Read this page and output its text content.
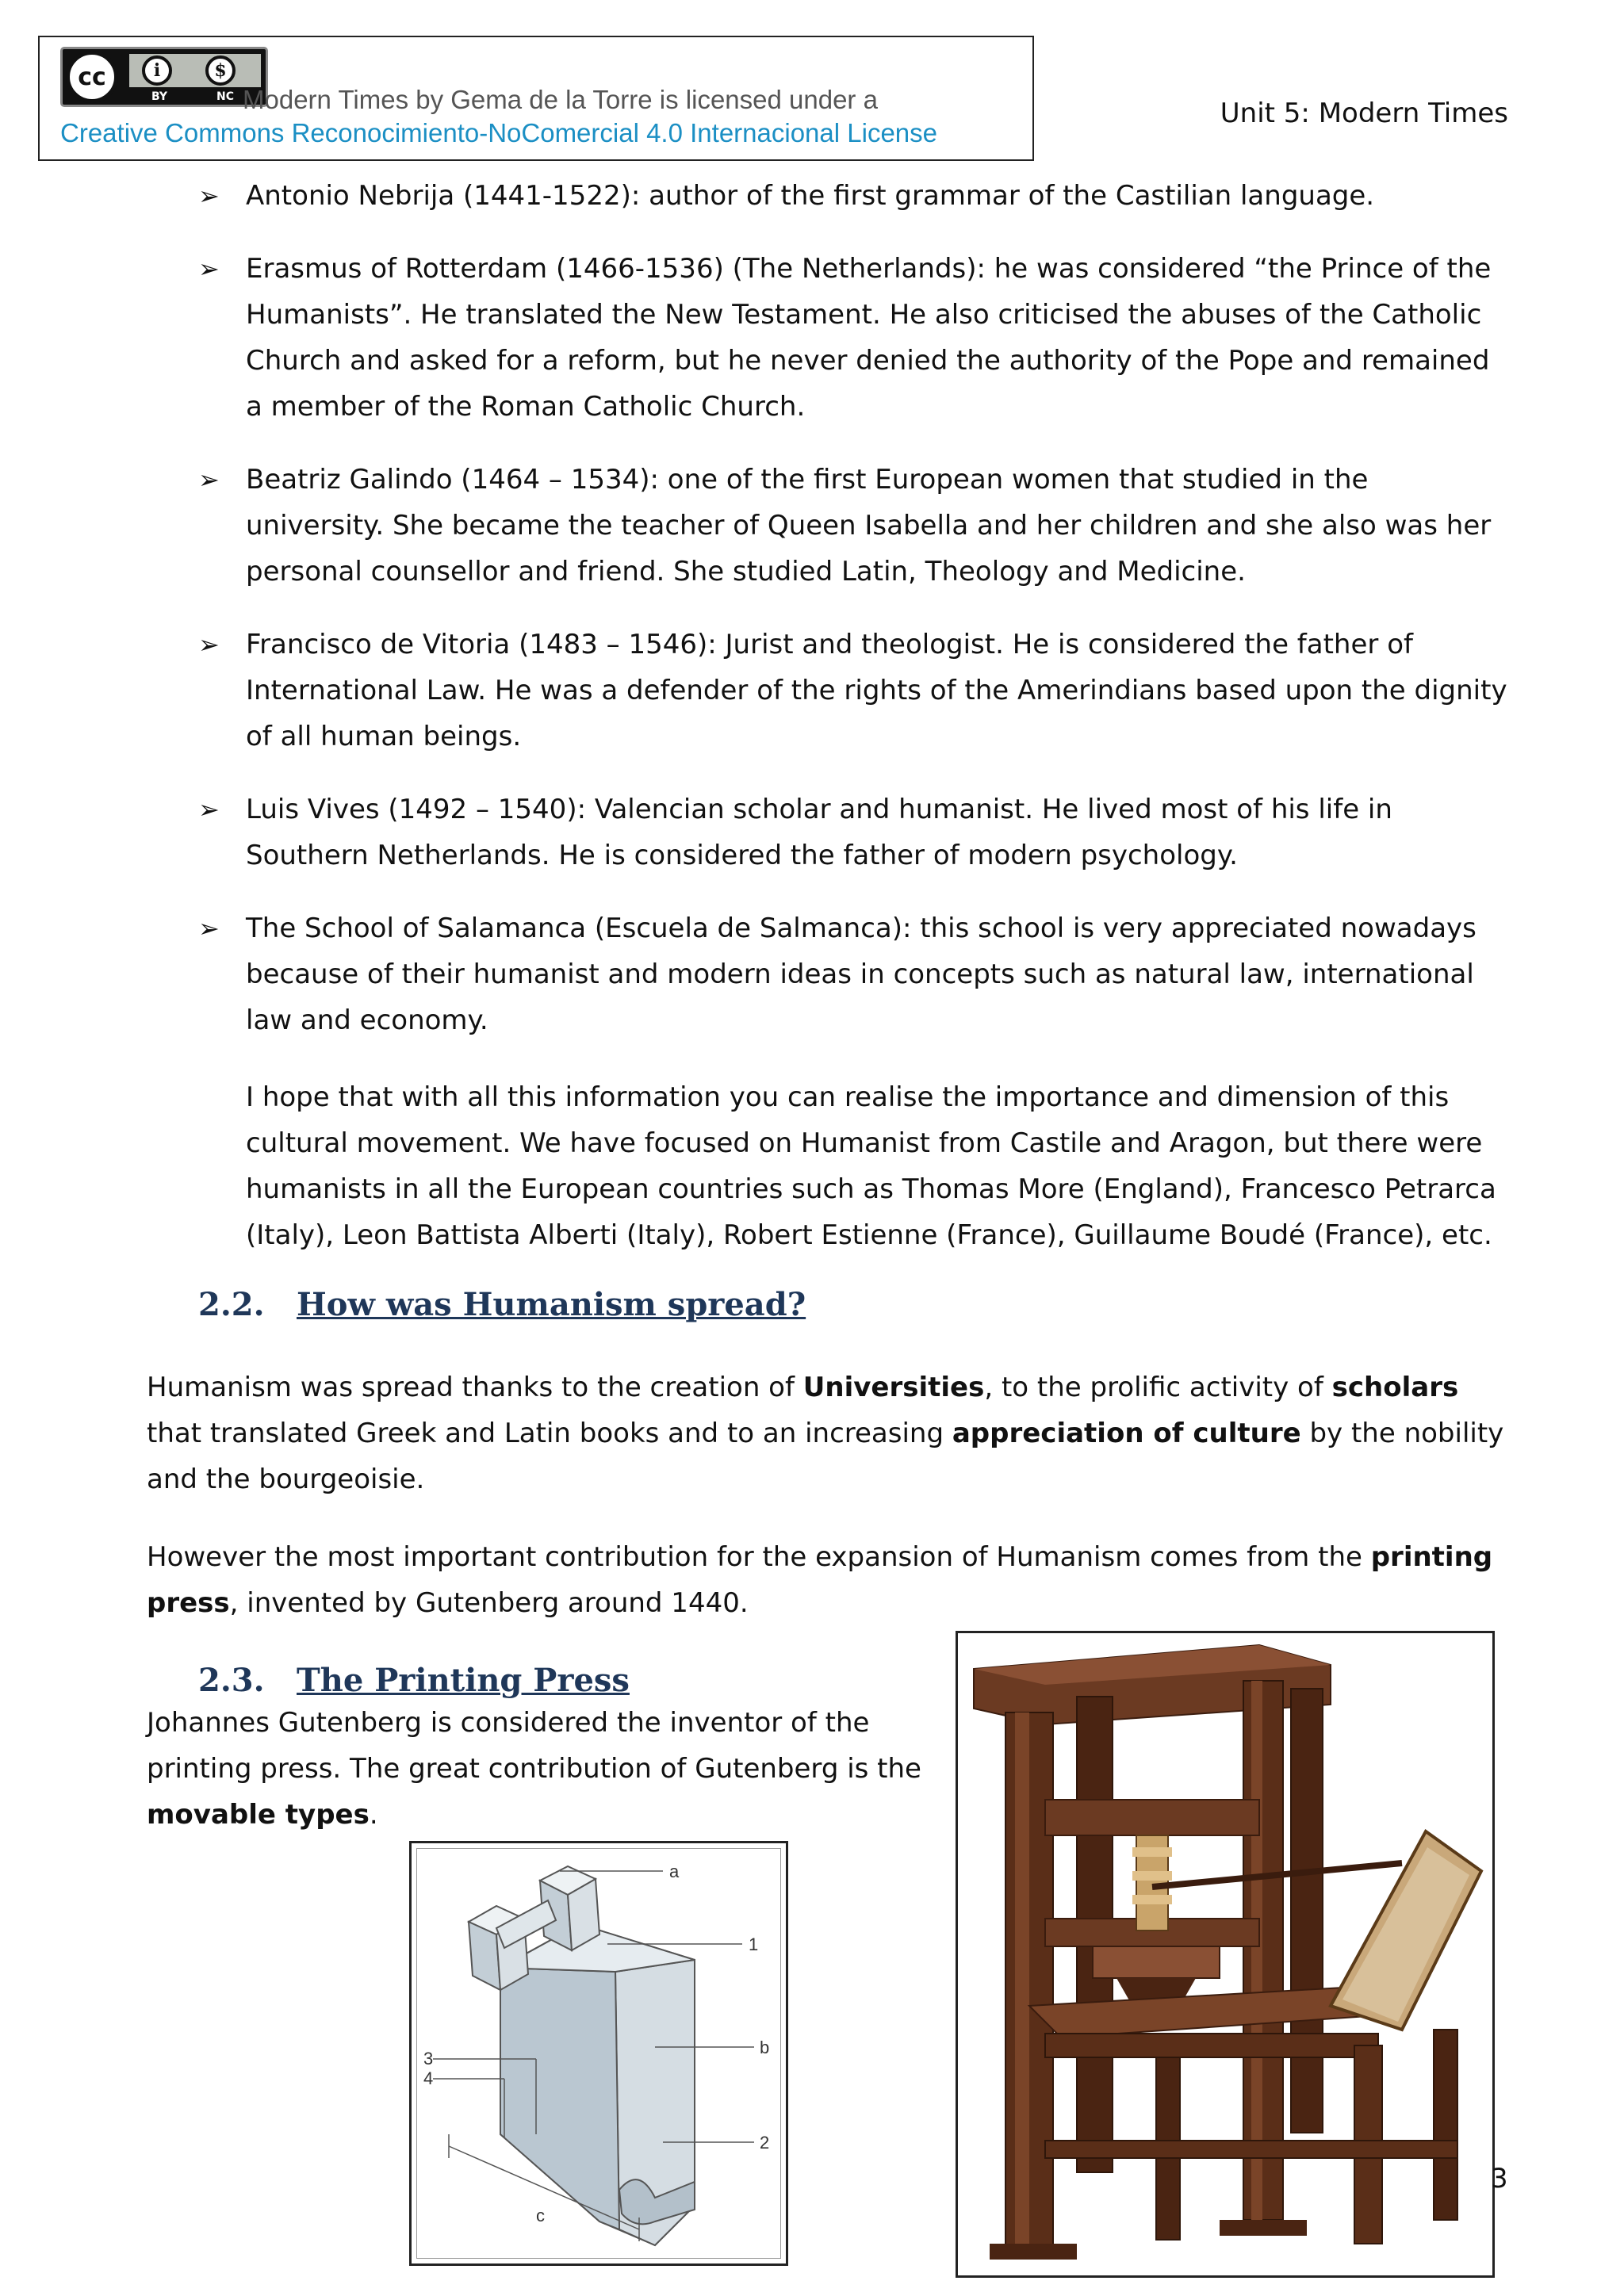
cc	i	$
BY	NC Modern Times by Gema de la Torre is licensed under a
Creative Commons Reconocimiento-NoComercial 4.0 Internacional License
Unit 5: Modern Times
➢ Antonio Nebrija (1441-1522): author of the first grammar of the Castilian language.
➢ Erasmus of Rotterdam (1466-1536) (The Netherlands): he was considered “the Prince of the Humanists”. He translated the New Testament. He also criticised the abuses of the Catholic Church and asked for a reform, but he never denied the authority of the Pope and remained a member of the Roman Catholic Church.
➢ Beatriz Galindo (1464 – 1534): one of the first European women that studied in the university. She became the teacher of Queen Isabella and her children and she also was her personal counsellor and friend. She studied Latin, Theology and Medicine.
➢ Francisco de Vitoria (1483 – 1546): Jurist and theologist. He is considered the father of International Law. He was a defender of the rights of the Amerindians based upon the dignity of all human beings.
➢ Luis Vives (1492 – 1540): Valencian scholar and humanist. He lived most of his life in Southern Netherlands. He is considered the father of modern psychology.
➢ The School of Salamanca (Escuela de Salmanca): this school is very appreciated nowadays because of their humanist and modern ideas in concepts such as natural law, international law and economy.
I hope that with all this information you can realise the importance and dimension of this cultural movement. We have focused on Humanist from Castile and Aragon, but there were humanists in all the European countries such as Thomas More (England), Francesco Petrarca (Italy), Leon Battista Alberti (Italy), Robert Estienne (France), Guillaume Boudé (France), etc.
2.2. How was Humanism spread?
Humanism was spread thanks to the creation of Universities, to the prolific activity of scholars that translated Greek and Latin books and to an increasing appreciation of culture by the nobility and the bourgeoisie.
However the most important contribution for the expansion of Humanism comes from the printing press, invented by Gutenberg around 1440.
2.3. The Printing Press
Johannes Gutenberg is considered the inventor of the printing press. The great contribution of Gutenberg is the movable types.
a
1
b
2
3
4
c
3
